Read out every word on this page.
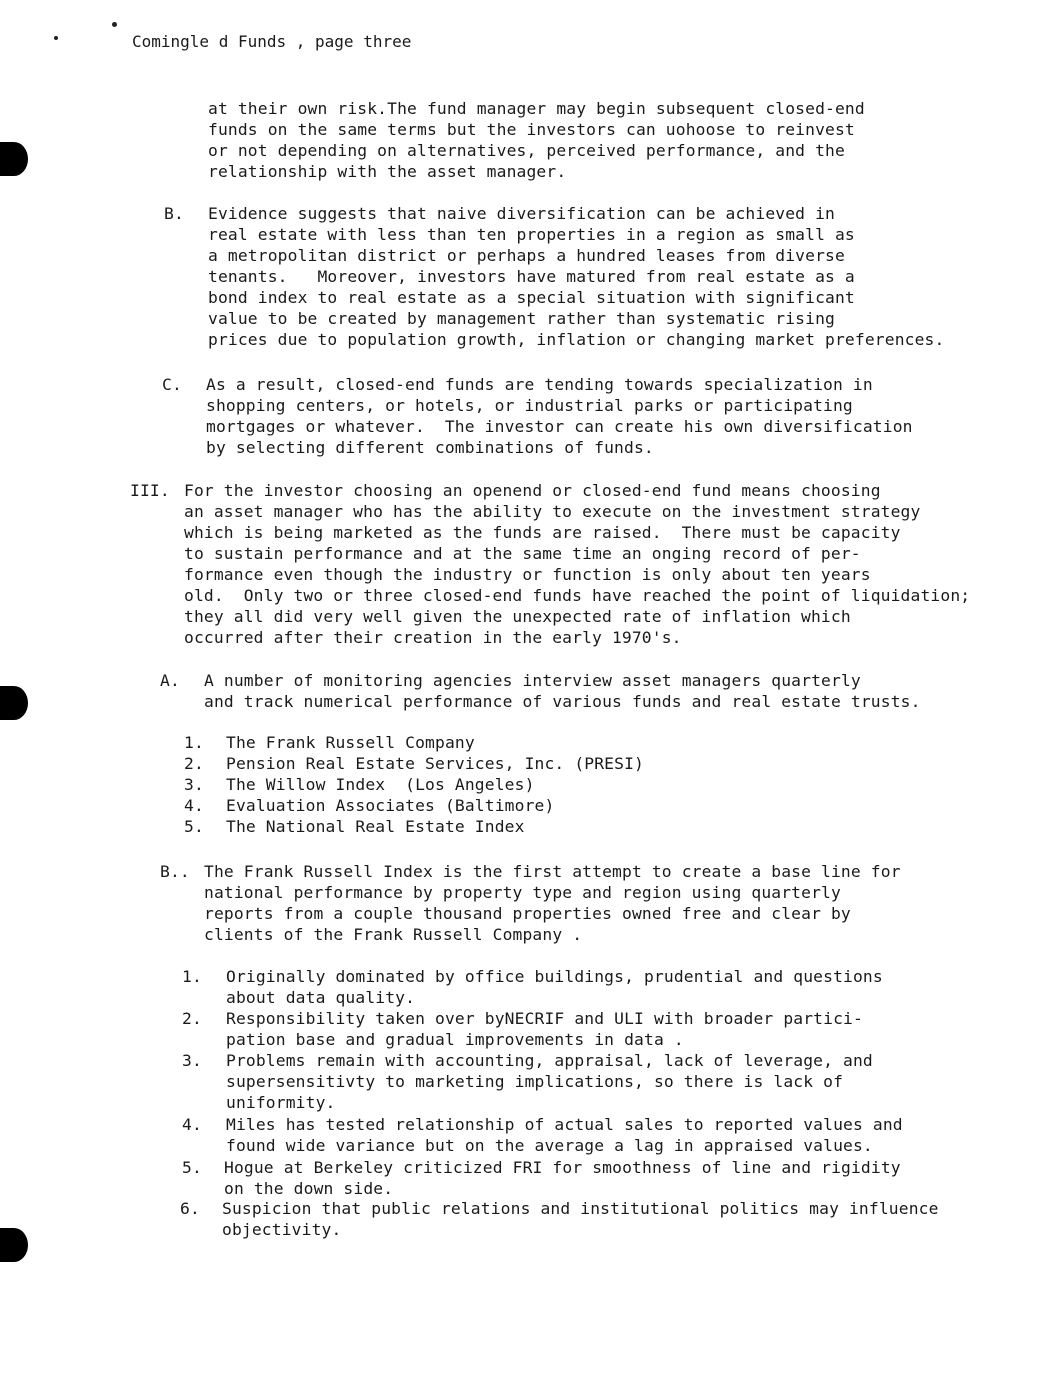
Comingle d Funds , page three
at their own risk.The fund manager may begin subsequent closed-end
funds on the same terms but the investors can uohoose to reinvest
or not depending on alternatives, perceived performance, and the
relationship with the asset manager.
B. Evidence suggests that naive diversification can be achieved in
real estate with less than ten properties in a region as small as
a metropolitan district or perhaps a hundred leases from diverse
tenants.   Moreover, investors have matured from real estate as a
bond index to real estate as a special situation with significant
value to be created by management rather than systematic rising
prices due to population growth, inflation or changing market preferences.
C. As a result, closed-end funds are tending towards specialization in
shopping centers, or hotels, or industrial parks or participating
mortgages or whatever.  The investor can create his own diversification
by selecting different combinations of funds.
III. For the investor choosing an openend or closed-end fund means choosing
an asset manager who has the ability to execute on the investment strategy
which is being marketed as the funds are raised.  There must be capacity
to sustain performance and at the same time an onging record of per-
formance even though the industry or function is only about ten years
old.  Only two or three closed-end funds have reached the point of liquidation;
they all did very well given the unexpected rate of inflation which
occurred after their creation in the early 1970's.
A. A number of monitoring agencies interview asset managers quarterly
and track numerical performance of various funds and real estate trusts.
1. The Frank Russell Company
2. Pension Real Estate Services, Inc. (PRESI)
3. The Willow Index  (Los Angeles)
4. Evaluation Associates (Baltimore)
5. The National Real Estate Index
B.. The Frank Russell Index is the first attempt to create a base line for
national performance by property type and region using quarterly
reports from a couple thousand properties owned free and clear by
clients of the Frank Russell Company .
1. Originally dominated by office buildings, prudential and questions
about data quality.
2. Responsibility taken over byNECRIF and ULI with broader partici-
pation base and gradual improvements in data .
3. Problems remain with accounting, appraisal, lack of leverage, and
supersensitivty to marketing implications, so there is lack of
uniformity.
4. Miles has tested relationship of actual sales to reported values and
found wide variance but on the average a lag in appraised values.
5. Hogue at Berkeley criticized FRI for smoothness of line and rigidity
on the down side.
6. Suspicion that public relations and institutional politics may influence
objectivity.
